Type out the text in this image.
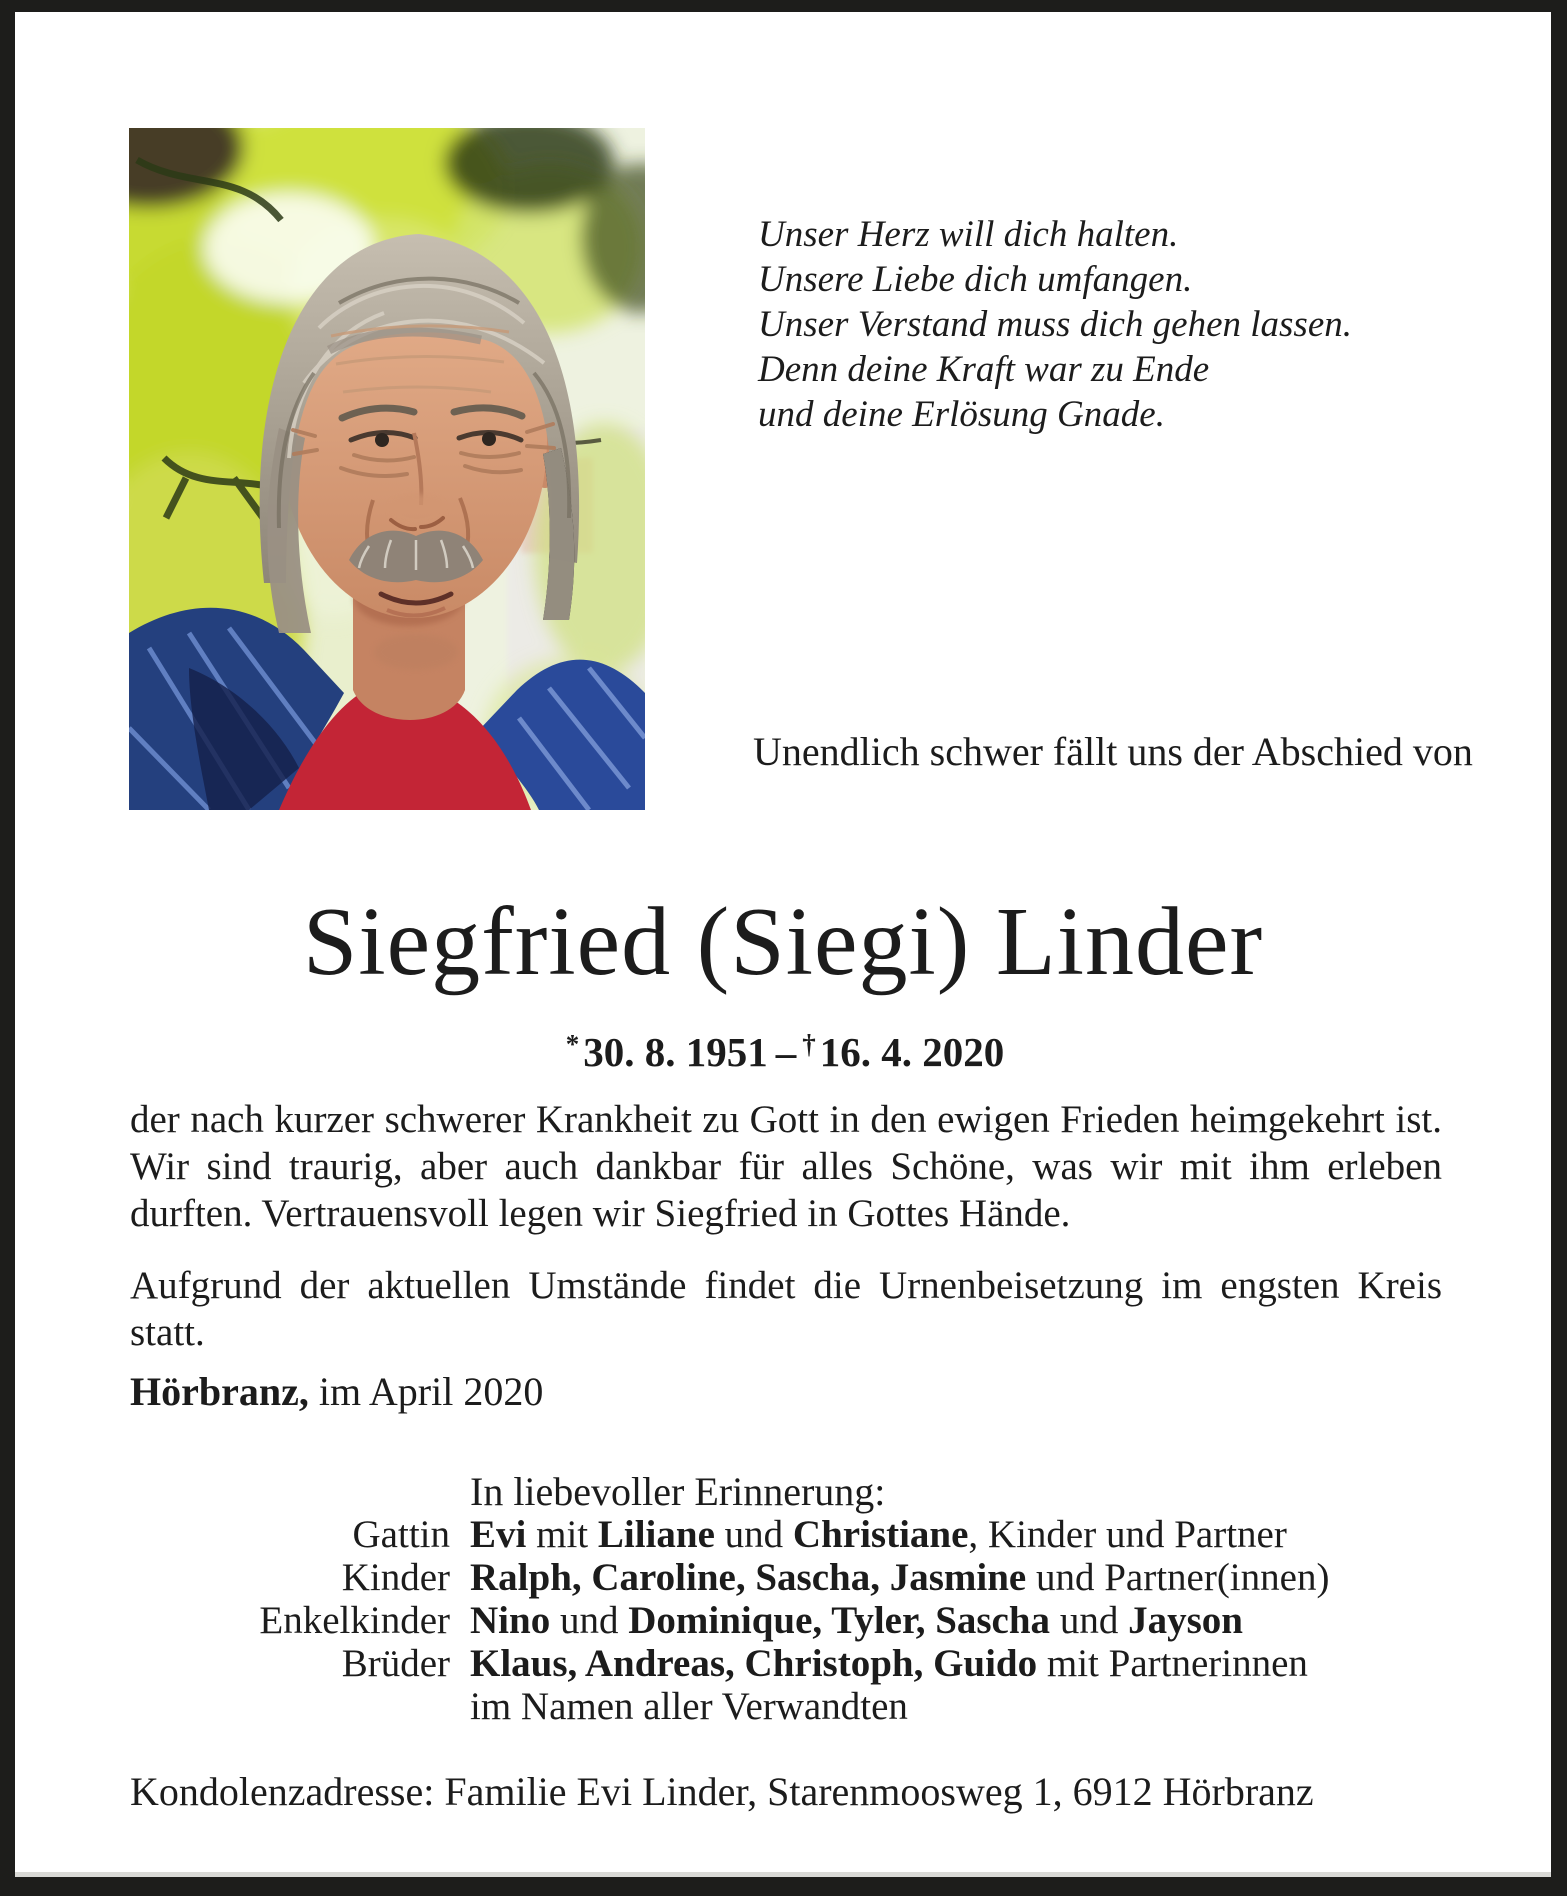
Unser Herz will dich halten.
Unsere Liebe dich umfangen.
Unser Verstand muss dich gehen lassen.
Denn deine Kraft war zu Ende
und deine Erlösung Gnade.
Unendlich schwer fällt uns der Abschied von
Siegfried (Siegi) Linder
*30. 8. 1951 – †16. 4. 2020
der nach kurzer schwerer Krankheit zu Gott in den ewigen Frieden heimgekehrt ist. Wir sind traurig, aber auch dankbar für alles Schöne, was wir mit ihm erleben durften. Vertrauensvoll legen wir Siegfried in Gottes Hände.
Aufgrund der aktuellen Umstände findet die Urnenbeisetzung im engsten Kreis statt.
Hörbranz, im April 2020
In liebevoller Erinnerung:
Gattin Evi mit Liliane und Christiane, Kinder und Partner
Kinder Ralph, Caroline, Sascha, Jasmine und Partner(innen)
Enkelkinder Nino und Dominique, Tyler, Sascha und Jayson
Brüder Klaus, Andreas, Christoph, Guido mit Partnerinnen
im Namen aller Verwandten
Kondolenzadresse: Familie Evi Linder, Starenmoosweg 1, 6912 Hörbranz
